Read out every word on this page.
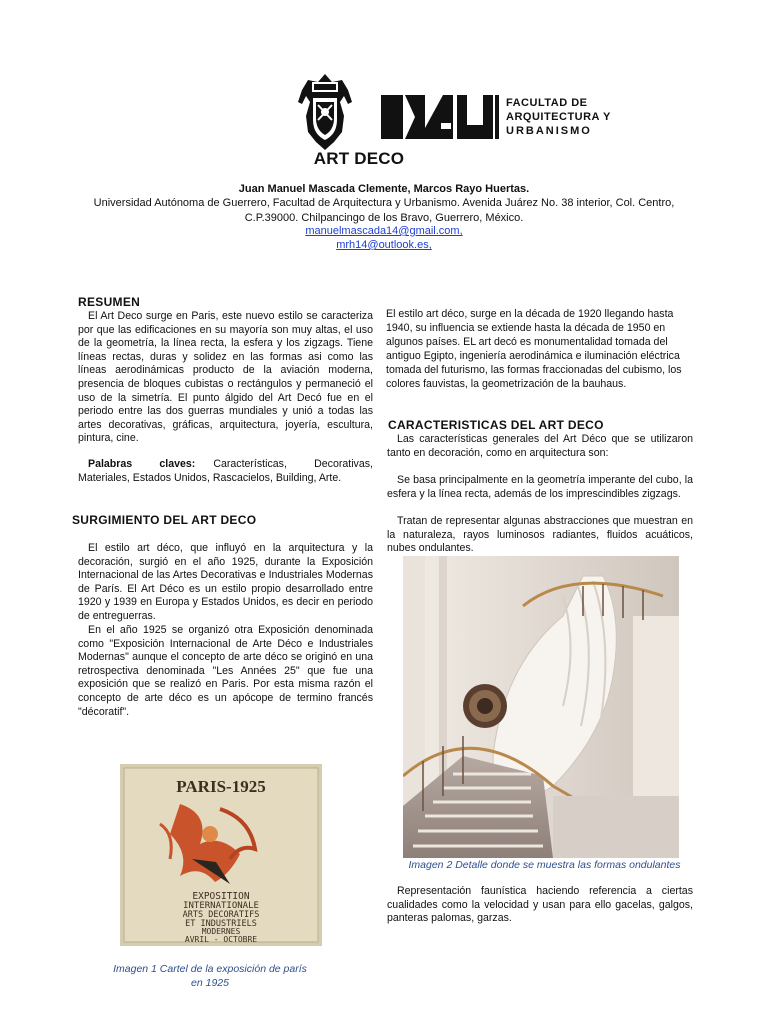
FACULTAD DE
ARQUITECTURA Y
URBANISMO
ART DECO
Juan Manuel Mascada Clemente, Marcos Rayo Huertas.
Universidad Autónoma de Guerrero, Facultad de Arquitectura y Urbanismo. Avenida Juárez No. 38 interior, Col. Centro, C.P.39000. Chilpancingo de los Bravo, Guerrero, México.
manuelmascada14@gmail.com,
mrh14@outlook.es,
RESUMEN
El Art Deco surge en Paris, este nuevo estilo se caracteriza por que las edificaciones en su mayoría son muy altas, el uso de la geometría, la línea recta, la esfera y los zigzags. Tiene líneas rectas, duras y solidez en las formas asi como las líneas aerodinámicas producto de la aviación moderna, presencia de bloques cubistas o rectángulos y permaneció el uso de la simetría. El punto álgido del Art Decó fue en el periodo entre las dos guerras mundiales y unió a todas las artes decorativas, gráficas, arquitectura, joyería, escultura, pintura, cine.
Palabras claves: Características, Decorativas, Materiales, Estados Unidos, Rascacielos, Building, Arte.
SURGIMIENTO DEL ART DECO
El estilo art déco, que influyó en la arquitectura y la decoración, surgió en el año 1925, durante la Exposición Internacional de las Artes Decorativas e Industriales Modernas de París. El Art Déco es un estilo propio desarrollado entre 1920 y 1939 en Europa y Estados Unidos, es decir en periodo de entreguerras.
En el año 1925 se organizó otra Exposición denominada como "Exposición Internacional de Arte Déco e Industriales Modernas" aunque el concepto de arte déco se originó en una retrospectiva denominada "Les Années 25" que fue una exposición que se realizó en Paris. Por esta misma razón el concepto de arte déco es un apócope de termino francés "décoratif".
PARIS-1925
EXPOSITION
INTERNATIONALE
ARTS DECORATIFS
ET INDUSTRIELS
MODERNES
AVRIL - OCTOBRE
Imagen 1 Cartel de la exposición de parís en 1925
El estilo art déco, surge en la década de 1920 llegando hasta 1940, su influencia se extiende hasta la década de 1950 en algunos países. EL art decó es monumentalidad tomada del antiguo Egipto, ingeniería aerodinámica e iluminación eléctrica tomada del futurismo, las formas fraccionadas del cubismo, los colores fauvistas, la geometrización de la bauhaus.
CARACTERISTICAS DEL ART DECO
Las características generales del Art Déco que se utilizaron tanto en decoración, como en arquitectura son:
Se basa principalmente en la geometría imperante del cubo, la esfera y la línea recta, además de los imprescindibles zigzags.
Tratan de representar algunas abstracciones que muestran en la naturaleza, rayos luminosos radiantes, fluidos acuáticos, nubes ondulantes.
Imagen 2 Detalle donde se muestra las formas ondulantes
Representación faunística haciendo referencia a ciertas cualidades como la velocidad y usan para ello gacelas, galgos, panteras palomas, garzas.
